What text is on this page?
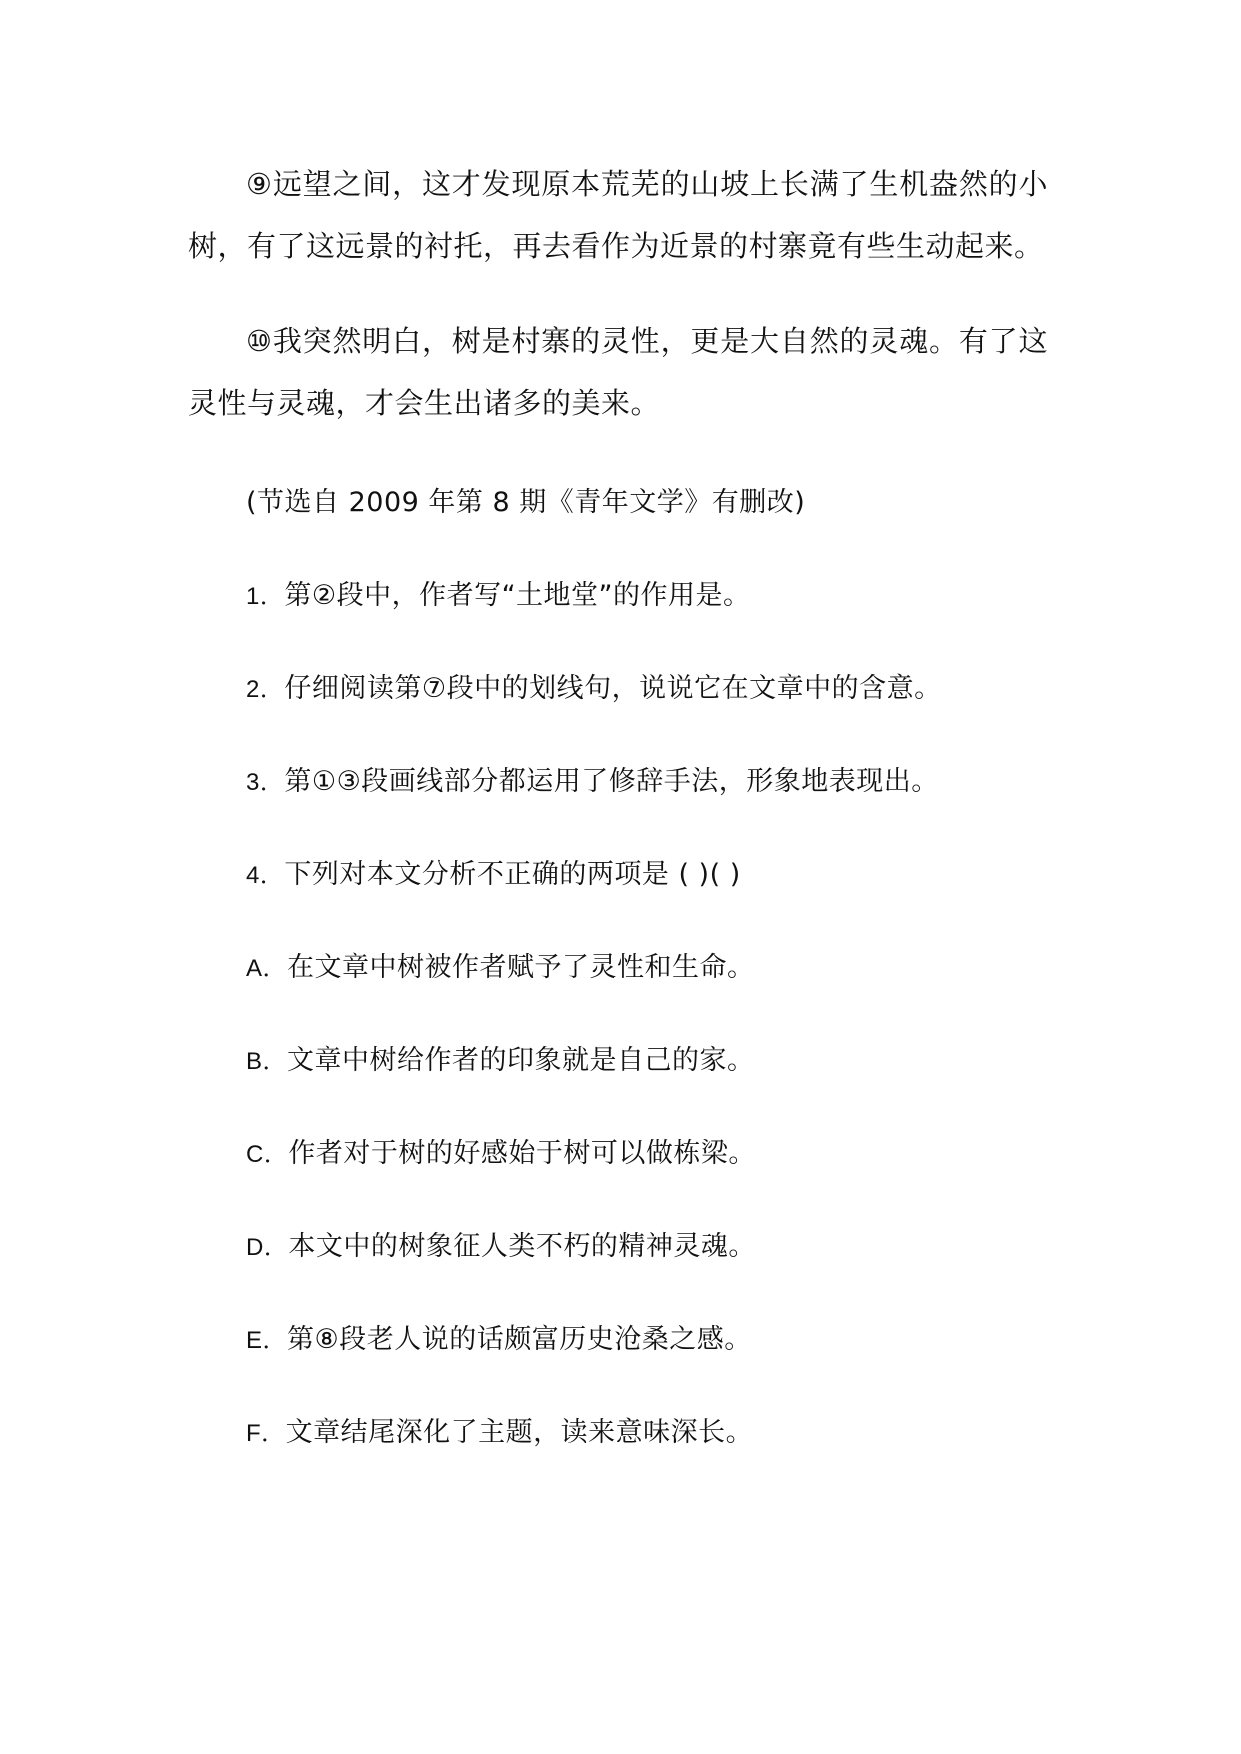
⑨远望之间，这才发现原本荒芜的山坡上长满了生机盎然的小树，有了这远景的衬托，再去看作为近景的村寨竟有些生动起来。

⑩我突然明白，树是村寨的灵性，更是大自然的灵魂。有了这灵性与灵魂，才会生出诸多的美来。

(节选自 2009 年第 8 期《青年文学》有删改)

1．第②段中，作者写“土地堂”的作用是。

2．仔细阅读第⑦段中的划线句，说说它在文章中的含意。

3．第①③段画线部分都运用了修辞手法，形象地表现出。

4．下列对本文分析不正确的两项是 ( )( )

A．在文章中树被作者赋予了灵性和生命。

B．文章中树给作者的印象就是自己的家。

C．作者对于树的好感始于树可以做栋梁。

D．本文中的树象征人类不朽的精神灵魂。

E．第⑧段老人说的话颇富历史沧桑之感。

F．文章结尾深化了主题，读来意味深长。
